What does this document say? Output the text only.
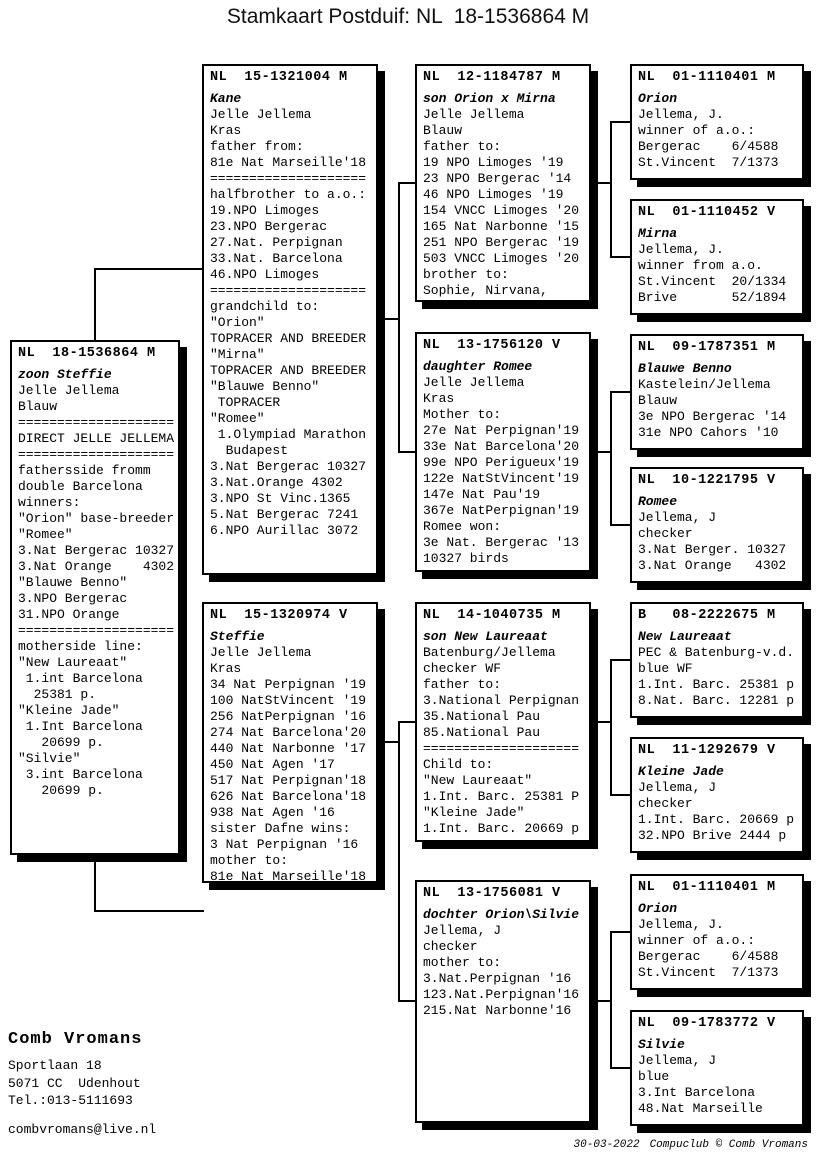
Stamkaart Postduif: NL  18-1536864 M
NL  18-1536864 M
zoon Steffie
Jelle Jellema
Blauw
====================
DIRECT JELLE JELLEMA
====================
fathersside fromm
double Barcelona
winners:
"Orion" base-breeder
"Romee"
3.Nat Bergerac 10327
3.Nat Orange    4302
"Blauwe Benno"
3.NPO Bergerac
31.NPO Orange
====================
motherside line:
"New Laureaat"
1.int Barcelona
25381 p.
"Kleine Jade"
1.Int Barcelona
20699 p.
"Silvie"
3.int Barcelona
20699 p.
NL  15-1321004 M
Kane
Jelle Jellema
Kras
father from:
81e Nat Marseille'18
====================
halfbrother to a.o.:
19.NPO Limoges
23.NPO Bergerac
27.Nat. Perpignan
33.Nat. Barcelona
46.NPO Limoges
====================
grandchild to:
"Orion"
TOPRACER AND BREEDER
"Mirna"
TOPRACER AND BREEDER
"Blauwe Benno"
TOPRACER
"Romee"
1.Olympiad Marathon
Budapest
3.Nat Bergerac 10327
3.Nat.Orange 4302
3.NPO St Vinc.1365
5.Nat Bergerac 7241
6.NPO Aurillac 3072
NL  15-1320974 V
Steffie
Jelle Jellema
Kras
34 Nat Perpignan '19
100 NatStVincent '19
256 NatPerpignan '16
274 Nat Barcelona'20
440 Nat Narbonne '17
450 Nat Agen '17
517 Nat Perpignan'18
626 Nat Barcelona'18
938 Nat Agen '16
sister Dafne wins:
3 Nat Perpignan '16
mother to:
81e Nat Marseille'18
NL  12-1184787 M
son Orion x Mirna
Jelle Jellema
Blauw
father to:
19 NPO Limoges '19
23 NPO Bergerac '14
46 NPO Limoges '19
154 VNCC Limoges '20
165 Nat Narbonne '15
251 NPO Bergerac '19
503 VNCC Limoges '20
brother to:
Sophie, Nirvana,
NL  13-1756120 V
daughter Romee
Jelle Jellema
Kras
Mother to:
27e Nat Perpignan'19
33e Nat Barcelona'20
99e NPO Perigueux'19
122e NatStVincent'19
147e Nat Pau'19
367e NatPerpignan'19
Romee won:
3e Nat. Bergerac '13
10327 birds
NL  14-1040735 M
son New Laureaat
Batenburg/Jellema
checker WF
father to:
3.National Perpignan
35.National Pau
85.National Pau
====================
Child to:
"New Laureaat"
1.Int. Barc. 25381 P
"Kleine Jade"
1.Int. Barc. 20669 p
NL  13-1756081 V
dochter Orion\Silvie
Jellema, J
checker
mother to:
3.Nat.Perpignan '16
123.Nat.Perpignan'16
215.Nat Narbonne'16
NL  01-1110401 M
Orion
Jellema, J.
winner of a.o.:
Bergerac    6/4588
St.Vincent  7/1373
NL  01-1110452 V
Mirna
Jellema, J.
winner from a.o.
St.Vincent  20/1334
Brive       52/1894
NL  09-1787351 M
Blauwe Benno
Kastelein/Jellema
Blauw
3e NPO Bergerac '14
31e NPO Cahors '10
NL  10-1221795 V
Romee
Jellema, J
checker
3.Nat Berger. 10327
3.Nat Orange   4302
B   08-2222675 M
New Laureaat
PEC & Batenburg-v.d.
blue WF
1.Int. Barc. 25381 p
8.Nat. Barc. 12281 p
NL  11-1292679 V
Kleine Jade
Jellema, J
checker
1.Int. Barc. 20669 p
32.NPO Brive 2444 p
NL  01-1110401 M
Orion
Jellema, J.
winner of a.o.:
Bergerac    6/4588
St.Vincent  7/1373
NL  09-1783772 V
Silvie
Jellema, J
blue
3.Int Barcelona
48.Nat Marseille
Comb Vromans
Sportlaan 18
5071 CC  Udenhout
Tel.:013-5111693
combvromans@live.nl
30-03-2022 Compuclub © Comb Vromans
